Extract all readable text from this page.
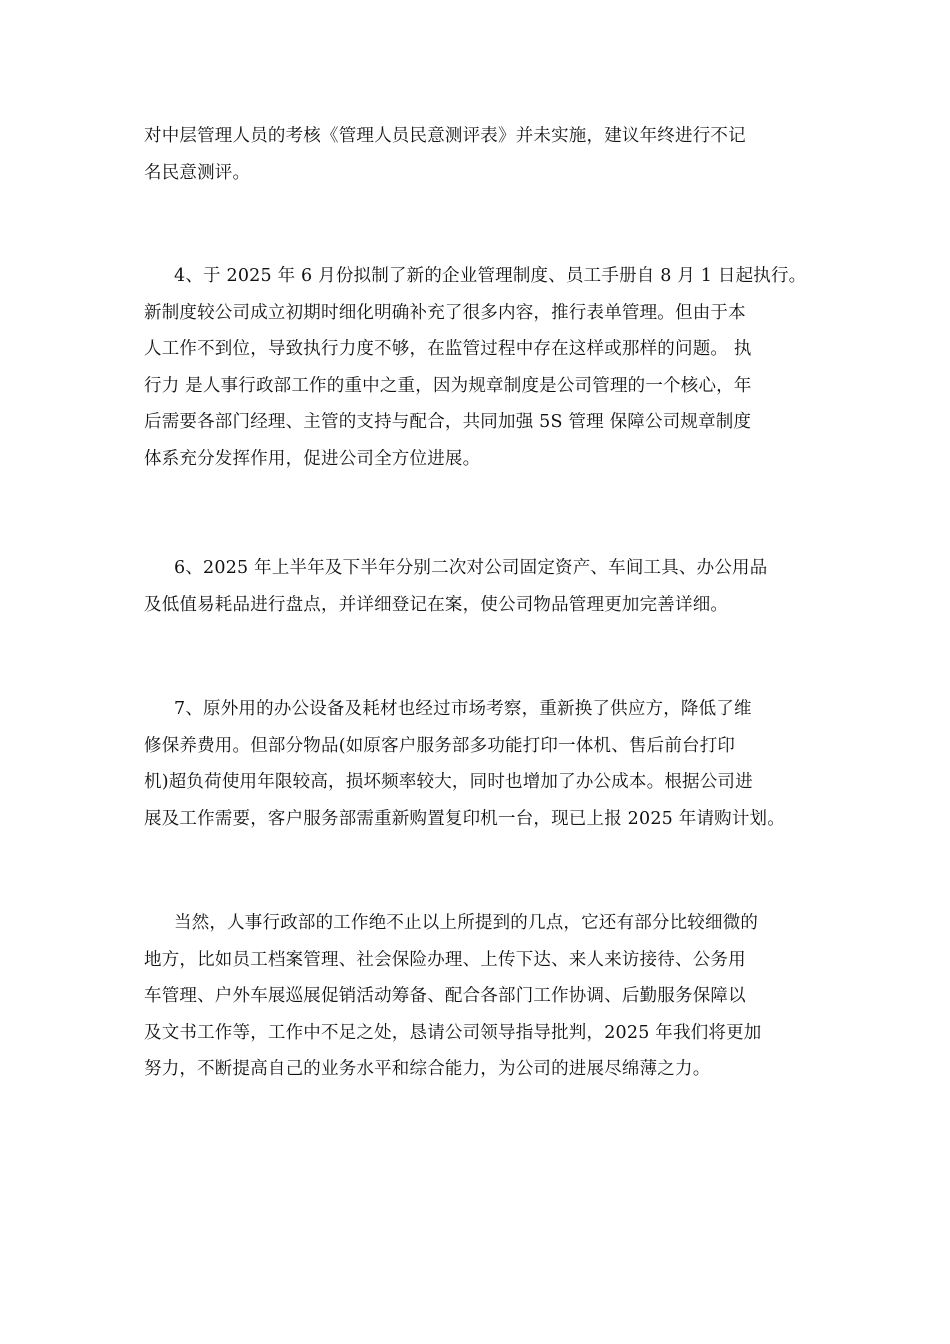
对中层管理人员的考核《管理人员民意测评表》并未实施，建议年终进行不记
名民意测评。

4、于 2025 年 6 月份拟制了新的企业管理制度、员工手册自 8 月 1 日起执行。
新制度较公司成立初期时细化明确补充了很多内容，推行表单管理。但由于本
人工作不到位，导致执行力度不够，在监管过程中存在这样或那样的问题。 执
行力 是人事行政部工作的重中之重，因为规章制度是公司管理的一个核心，年
后需要各部门经理、主管的支持与配合，共同加强 5S 管理 保障公司规章制度
体系充分发挥作用，促进公司全方位进展。

6、2025 年上半年及下半年分别二次对公司固定资产、车间工具、办公用品
及低值易耗品进行盘点，并详细登记在案，使公司物品管理更加完善详细。

7、原外用的办公设备及耗材也经过市场考察，重新换了供应方，降低了维
修保养费用。但部分物品(如原客户服务部多功能打印一体机、售后前台打印
机)超负荷使用年限较高，损坏频率较大，同时也增加了办公成本。根据公司进
展及工作需要，客户服务部需重新购置复印机一台，现已上报 2025 年请购计划。

当然，人事行政部的工作绝不止以上所提到的几点，它还有部分比较细微的
地方，比如员工档案管理、社会保险办理、上传下达、来人来访接待、公务用
车管理、户外车展巡展促销活动筹备、配合各部门工作协调、后勤服务保障以
及文书工作等，工作中不足之处，恳请公司领导指导批判，2025 年我们将更加
努力，不断提高自己的业务水平和综合能力，为公司的进展尽绵薄之力。
